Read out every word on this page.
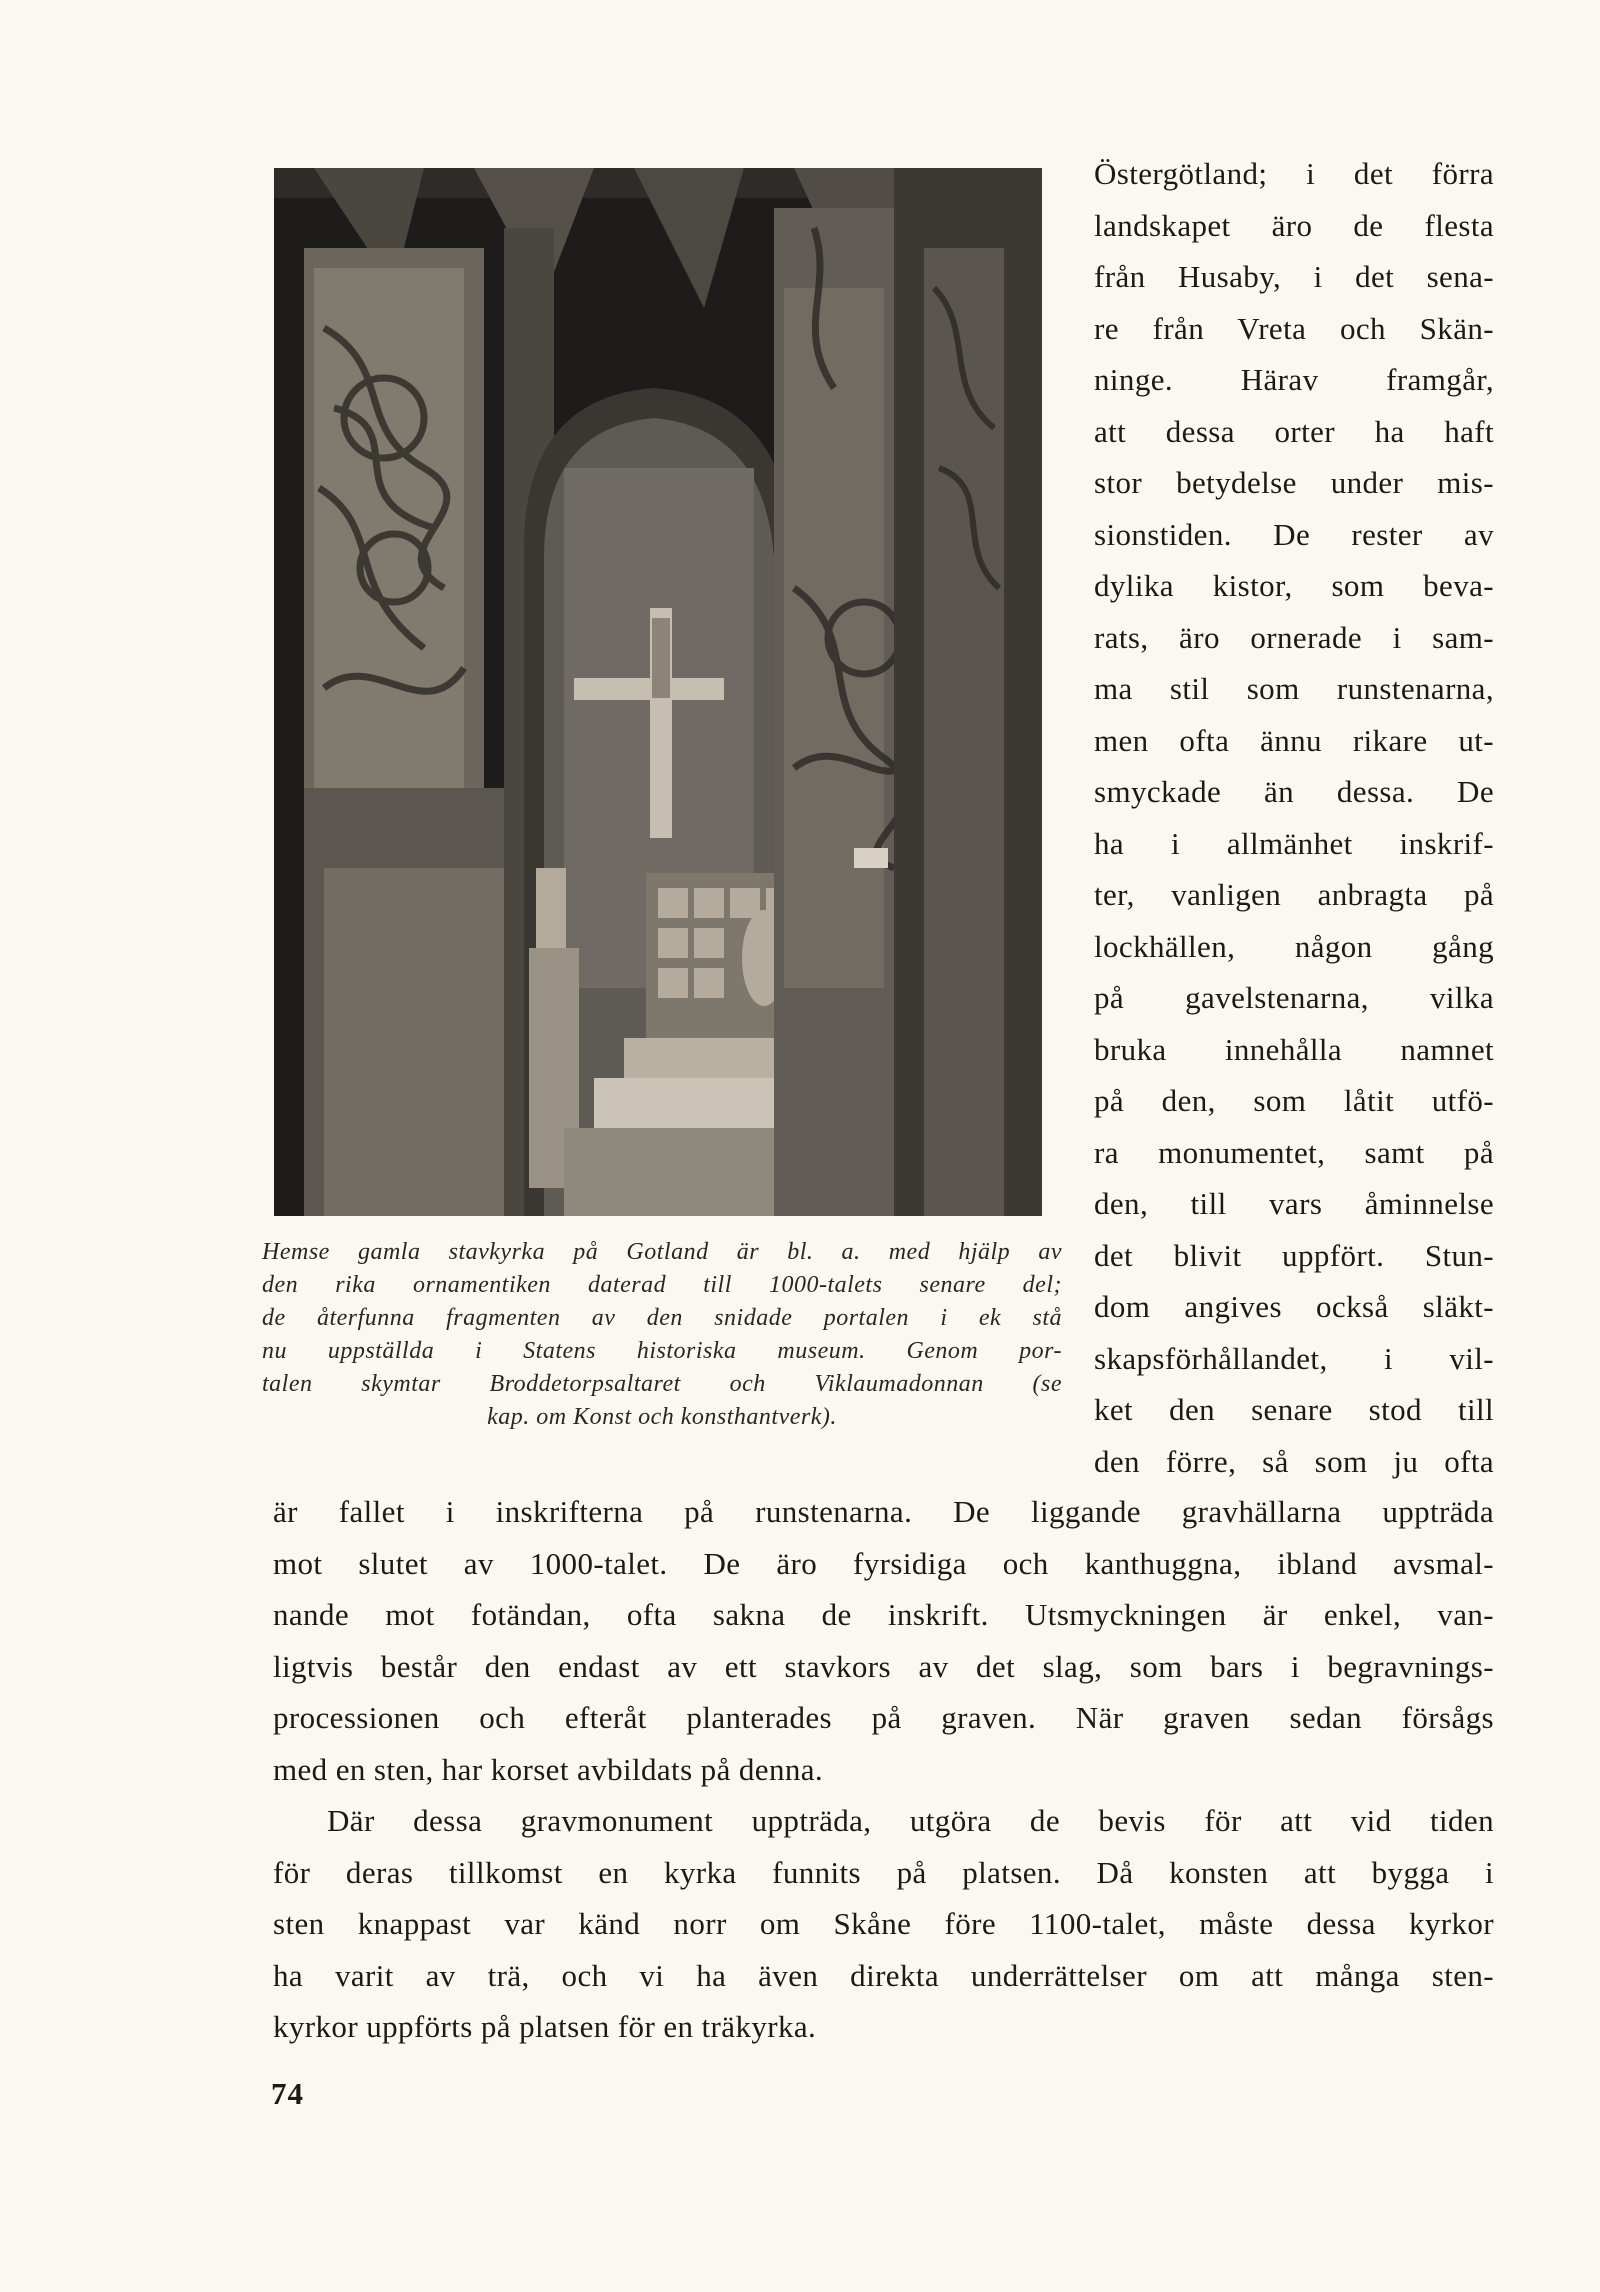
Hemse gamla stavkyrka på Gotland är bl. a. med hjälp av
den rika ornamentiken daterad till 1000-talets senare del;
de återfunna fragmenten av den snidade portalen i ek stå
nu uppställda i Statens historiska museum. Genom por-
talen skymtar Broddetorpsaltaret och Viklaumadonnan (se
kap. om Konst och konsthantverk).
Östergötland; i det förra
landskapet äro de flesta
från Husaby, i det sena-
re från Vreta och Skän-
ninge. Härav framgår,
att dessa orter ha haft
stor betydelse under mis-
sionstiden. De rester av
dylika kistor, som beva-
rats, äro ornerade i sam-
ma stil som runstenarna,
men ofta ännu rikare ut-
smyckade än dessa. De
ha i allmänhet inskrif-
ter, vanligen anbragta på
lockhällen, någon gång
på gavelstenarna, vilka
bruka innehålla namnet
på den, som låtit utfö-
ra monumentet, samt på
den, till vars åminnelse
det blivit uppfört. Stun-
dom angives också släkt-
skapsförhållandet, i vil-
ket den senare stod till
den förre, så som ju ofta
är fallet i inskrifterna på runstenarna. De liggande gravhällarna uppträda
mot slutet av 1000-talet. De äro fyrsidiga och kanthuggna, ibland avsmal-
nande mot fotändan, ofta sakna de inskrift. Utsmyckningen är enkel, van-
ligtvis består den endast av ett stavkors av det slag, som bars i begravnings-
processionen och efteråt planterades på graven. När graven sedan försågs
med en sten, har korset avbildats på denna.
Där dessa gravmonument uppträda, utgöra de bevis för att vid tiden
för deras tillkomst en kyrka funnits på platsen. Då konsten att bygga i
sten knappast var känd norr om Skåne före 1100-talet, måste dessa kyrkor
ha varit av trä, och vi ha även direkta underrättelser om att många sten-
kyrkor uppförts på platsen för en träkyrka.
74
